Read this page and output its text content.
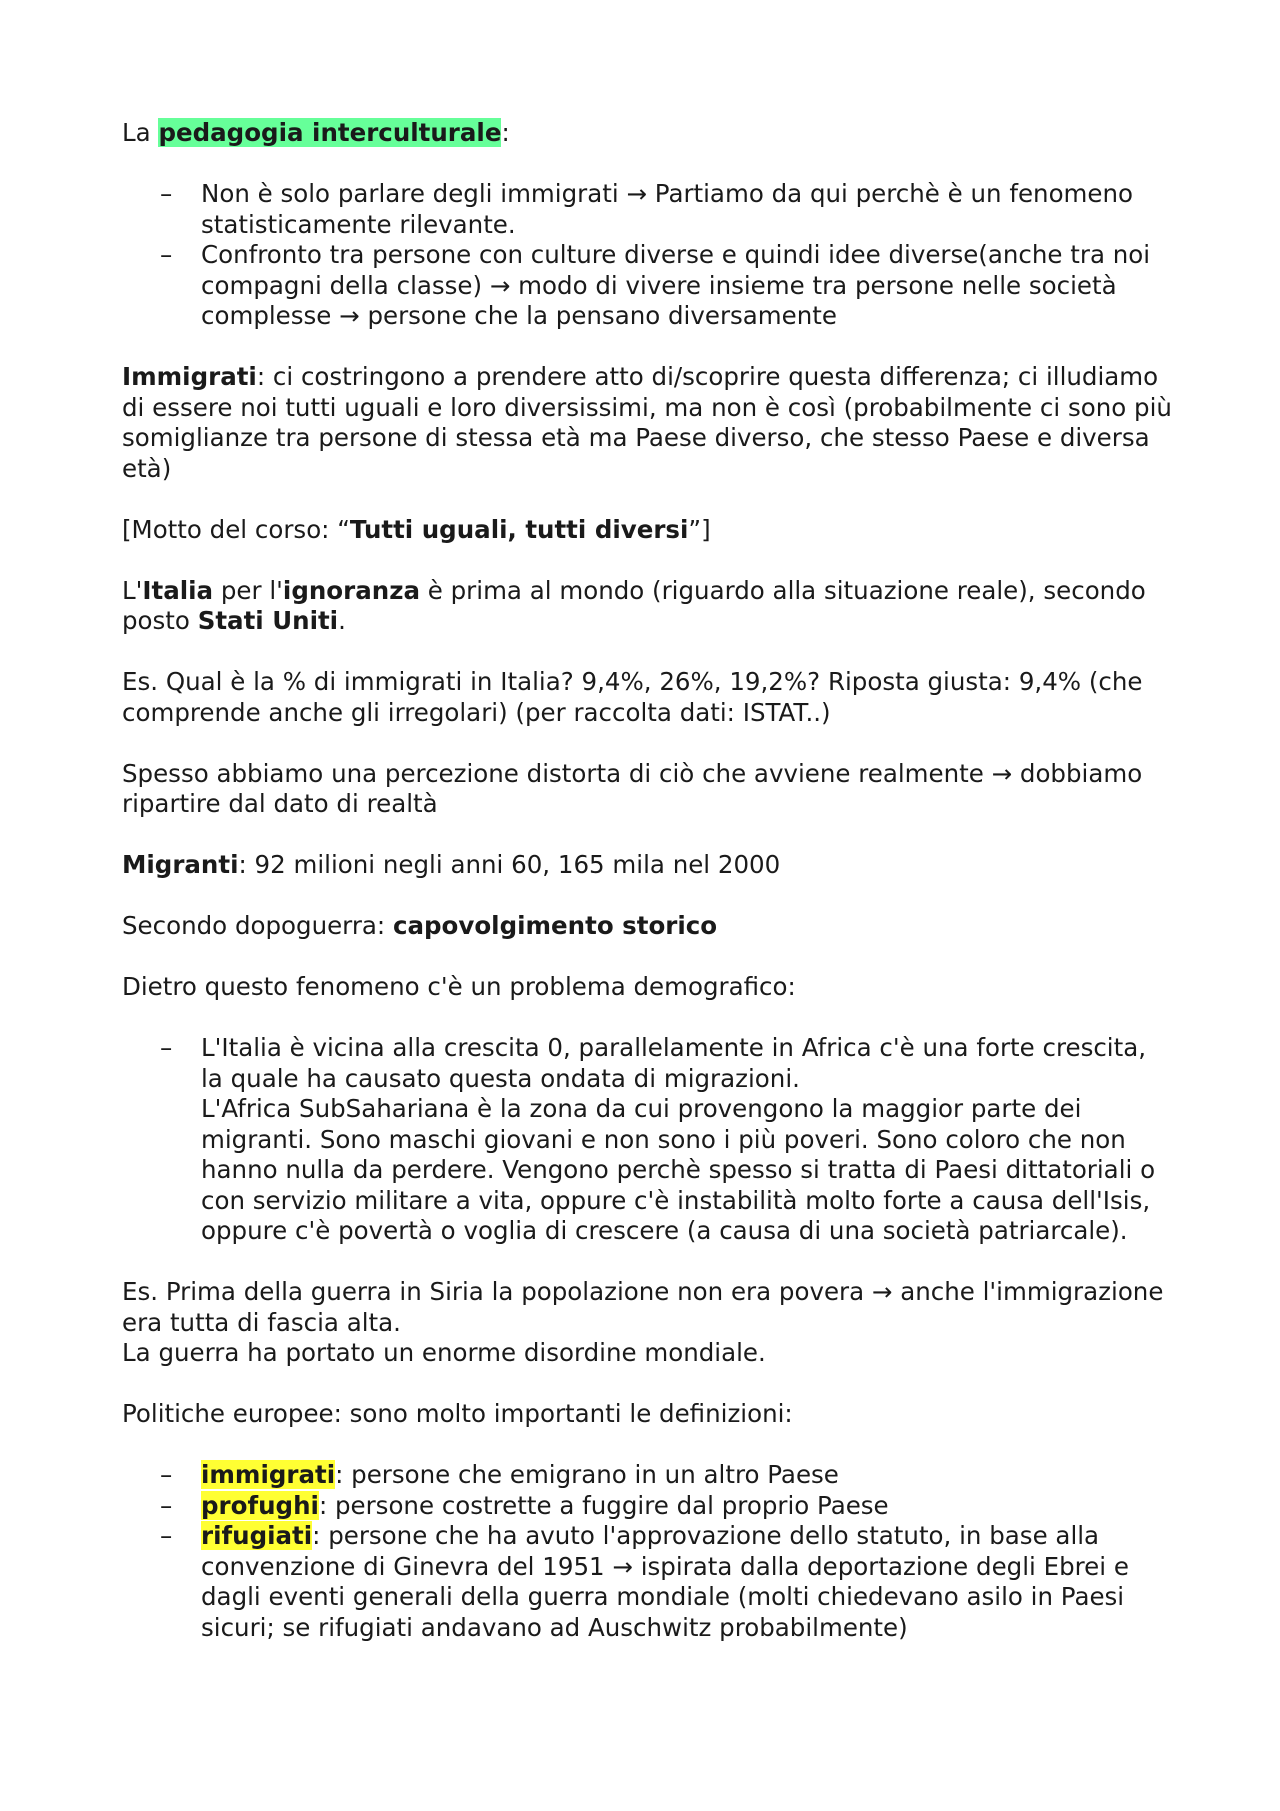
La pedagogia interculturale:

– Non è solo parlare degli immigrati → Partiamo da qui perchè è un fenomeno statisticamente rilevante.
– Confronto tra persone con culture diverse e quindi idee diverse(anche tra noi compagni della classe) → modo di vivere insieme tra persone nelle società complesse → persone che la pensano diversamente

Immigrati: ci costringono a prendere atto di/scoprire questa differenza; ci illudiamo di essere noi tutti uguali e loro diversissimi, ma non è così (probabilmente ci sono più somiglianze tra persone di stessa età ma Paese diverso, che stesso Paese e diversa età)

[Motto del corso: “Tutti uguali, tutti diversi”]

L'Italia per l'ignoranza è prima al mondo (riguardo alla situazione reale), secondo posto Stati Uniti.

Es. Qual è la % di immigrati in Italia? 9,4%, 26%, 19,2%? Riposta giusta: 9,4% (che comprende anche gli irregolari) (per raccolta dati: ISTAT..)

Spesso abbiamo una percezione distorta di ciò che avviene realmente → dobbiamo ripartire dal dato di realtà

Migranti: 92 milioni negli anni 60, 165 mila nel 2000

Secondo dopoguerra: capovolgimento storico

Dietro questo fenomeno c'è un problema demografico:

– L'Italia è vicina alla crescita 0, parallelamente in Africa c'è una forte crescita, la quale ha causato questa ondata di migrazioni.
L'Africa SubSahariana è la zona da cui provengono la maggior parte dei migranti. Sono maschi giovani e non sono i più poveri. Sono coloro che non hanno nulla da perdere. Vengono perchè spesso si tratta di Paesi dittatoriali o con servizio militare a vita, oppure c'è instabilità molto forte a causa dell'Isis, oppure c'è povertà o voglia di crescere (a causa di una società patriarcale).

Es. Prima della guerra in Siria la popolazione non era povera → anche l'immigrazione era tutta di fascia alta.
La guerra ha portato un enorme disordine mondiale.

Politiche europee: sono molto importanti le definizioni:

– immigrati: persone che emigrano in un altro Paese
– profughi: persone costrette a fuggire dal proprio Paese
– rifugiati: persone che ha avuto l'approvazione dello statuto, in base alla convenzione di Ginevra del 1951 → ispirata dalla deportazione degli Ebrei e dagli eventi generali della guerra mondiale (molti chiedevano asilo in Paesi sicuri; se rifugiati andavano ad Auschwitz probabilmente)
